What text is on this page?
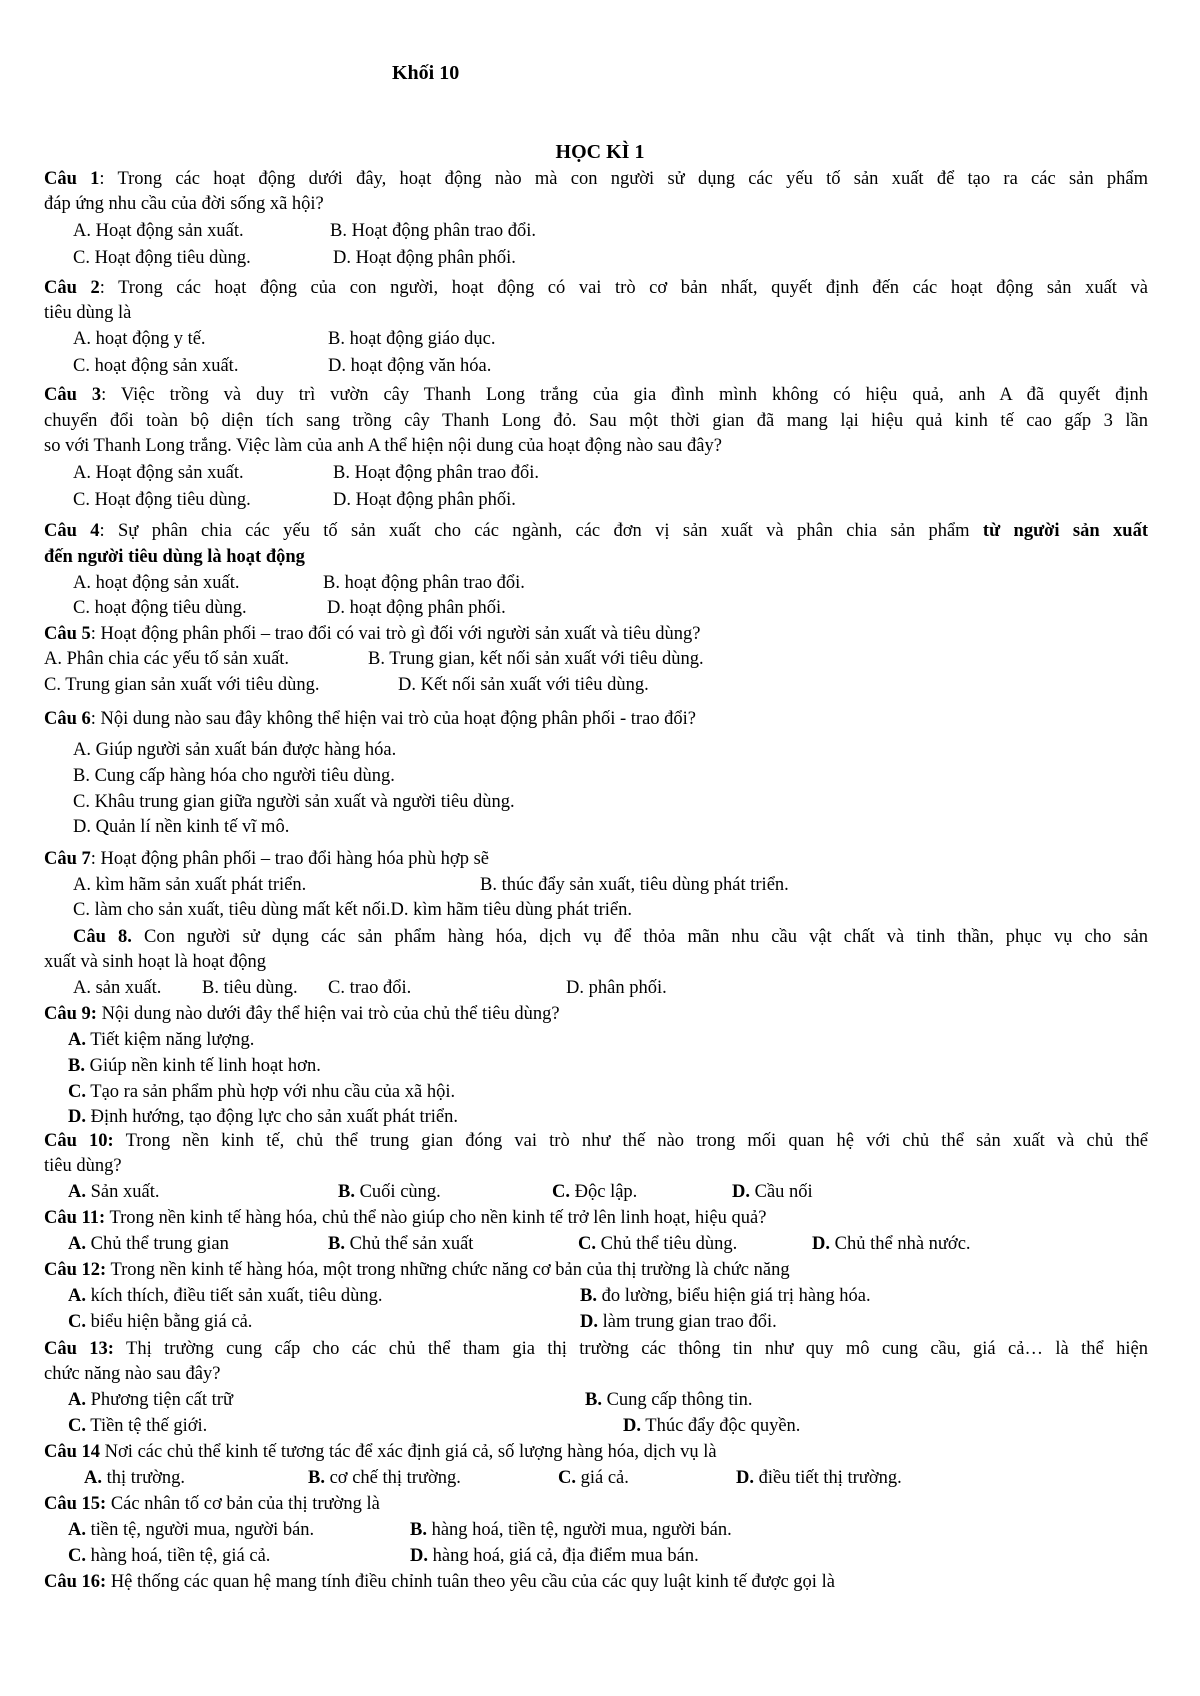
Khối 10
HỌC KÌ 1
Câu 1: Trong các hoạt động dưới đây, hoạt động nào mà con người sử dụng các yếu tố sản xuất để tạo ra các sản phẩm
đáp ứng nhu cầu của đời sống xã hội?
A. Hoạt động sản xuất.	B. Hoạt động phân trao đổi.
C. Hoạt động tiêu dùng.	D. Hoạt động phân phối.
Câu 2: Trong các hoạt động của con người, hoạt động có vai trò cơ bản nhất, quyết định đến các hoạt động sản xuất và
tiêu dùng là
A. hoạt động y tế.	B. hoạt động giáo dục.
C. hoạt động sản xuất.	D. hoạt động văn hóa.
Câu 3: Việc trồng và duy trì vườn cây Thanh Long trắng của gia đình mình không có hiệu quả, anh A đã quyết định
chuyển đổi toàn bộ diện tích sang trồng cây Thanh Long đỏ. Sau một thời gian đã mang lại hiệu quả kinh tế cao gấp 3 lần
so với Thanh Long trắng. Việc làm của anh A thể hiện nội dung của hoạt động nào sau đây?
A. Hoạt động sản xuất.	B. Hoạt động phân trao đổi.
C. Hoạt động tiêu dùng.	D. Hoạt động phân phối.
Câu 4: Sự phân chia các yếu tố sản xuất cho các ngành, các đơn vị sản xuất và phân chia sản phẩm từ người sản xuất
đến người tiêu dùng là hoạt động
A. hoạt động sản xuất.	B. hoạt động phân trao đổi.
C. hoạt động tiêu dùng.	D. hoạt động phân phối.
Câu 5: Hoạt động phân phối – trao đổi có vai trò gì đối với người sản xuất và tiêu dùng?
A. Phân chia các yếu tố sản xuất.	B. Trung gian, kết nối sản xuất với tiêu dùng.
C. Trung gian sản xuất với tiêu dùng.	D. Kết nối sản xuất với tiêu dùng.
Câu 6: Nội dung nào sau đây không thể hiện vai trò của hoạt động phân phối - trao đổi?
A. Giúp người sản xuất bán được hàng hóa.
B. Cung cấp hàng hóa cho người tiêu dùng.
C. Khâu trung gian giữa người sản xuất và người tiêu dùng.
D. Quản lí nền kinh tế vĩ mô.
Câu 7: Hoạt động phân phối – trao đổi hàng hóa phù hợp sẽ
A. kìm hãm sản xuất phát triển.	B. thúc đẩy sản xuất, tiêu dùng phát triển.
C. làm cho sản xuất, tiêu dùng mất kết nối.D. kìm hãm tiêu dùng phát triển.
Câu 8. Con người sử dụng các sản phẩm hàng hóa, dịch vụ để thỏa mãn nhu cầu vật chất và tinh thần, phục vụ cho sản
xuất và sinh hoạt là hoạt động
A. sản xuất. B. tiêu dùng. C. trao đổi.	D. phân phối.
Câu 9: Nội dung nào dưới đây thể hiện vai trò của chủ thể tiêu dùng?
A. Tiết kiệm năng lượng.
B. Giúp nền kinh tế linh hoạt hơn.
C. Tạo ra sản phẩm phù hợp với nhu cầu của xã hội.
D. Định hướng, tạo động lực cho sản xuất phát triển.
Câu 10: Trong nền kinh tế, chủ thể trung gian đóng vai trò như thế nào trong mối quan hệ với chủ thể sản xuất và chủ thể
tiêu dùng?
A. Sản xuất.	B. Cuối cùng.	C. Độc lập.	D. Cầu nối
Câu 11: Trong nền kinh tế hàng hóa, chủ thể nào giúp cho nền kinh tế trở lên linh hoạt, hiệu quả?
A. Chủ thể trung gian	B. Chủ thể sản xuất	C. Chủ thể tiêu dùng.	D. Chủ thể nhà nước.
Câu 12: Trong nền kinh tế hàng hóa, một trong những chức năng cơ bản của thị trường là chức năng
A. kích thích, điều tiết sản xuất, tiêu dùng.	B. đo lường, biểu hiện giá trị hàng hóa.
C. biểu hiện bằng giá cả.	D. làm trung gian trao đổi.
Câu 13: Thị trường cung cấp cho các chủ thể tham gia thị trường các thông tin như quy mô cung cầu, giá cả… là thể hiện
chức năng nào sau đây?
A. Phương tiện cất trữ	B. Cung cấp thông tin.
C. Tiền tệ thế giới.	D. Thúc đẩy độc quyền.
Câu 14 Nơi các chủ thể kinh tế tương tác để xác định giá cả, số lượng hàng hóa, dịch vụ là
A. thị trường.	B. cơ chế thị trường.	C. giá cả.	D. điều tiết thị trường.
Câu 15: Các nhân tố cơ bản của thị trường là
A. tiền tệ, người mua, người bán.	B. hàng hoá, tiền tệ, người mua, người bán.
C. hàng hoá, tiền tệ, giá cả.	D. hàng hoá, giá cả, địa điểm mua bán.
Câu 16: Hệ thống các quan hệ mang tính điều chỉnh tuân theo yêu cầu của các quy luật kinh tế được gọi là
